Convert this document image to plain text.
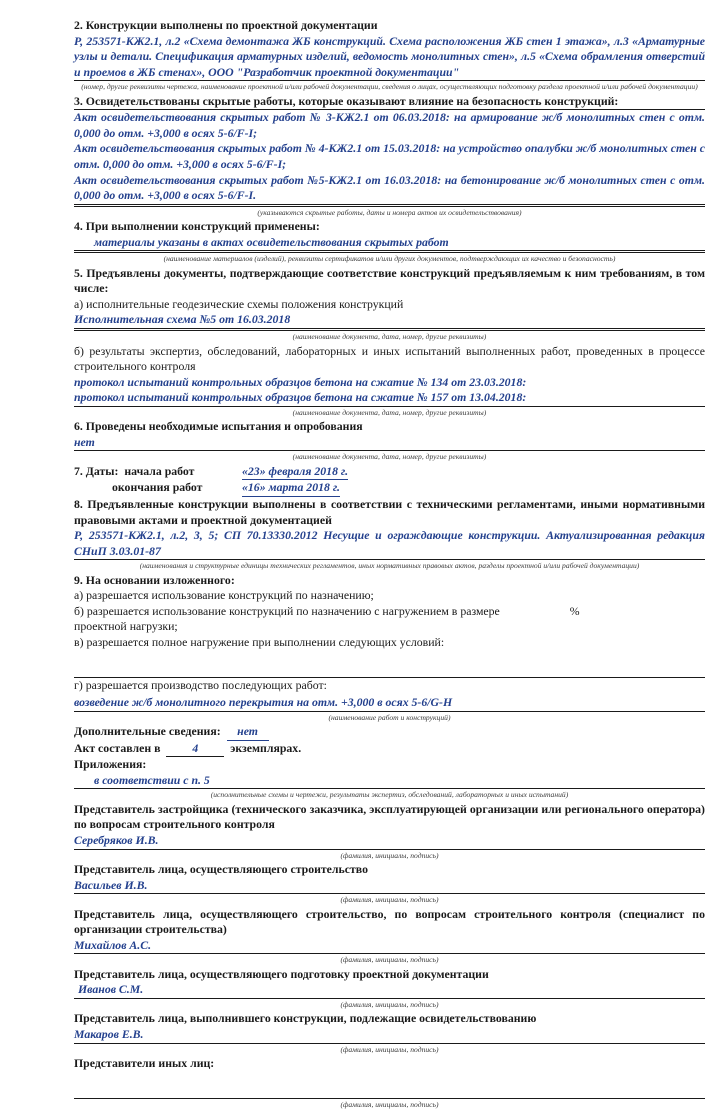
2. Конструкции выполнены по проектной документации

Р, 253571-КЖ2.1, л.2 «Схема демонтажа ЖБ конструкций. Схема расположения ЖБ стен 1 этажа», л.3 «Арматурные узлы и детали. Спецификация арматурных изделий, ведомость монолитных стен», л.5 «Схема обрамления отверстий и проемов в ЖБ стенах», ООО "Разработчик проектной документации"

(номер, другие реквизиты чертежа, наименование проектной и/или рабочей документации, сведения о лицах, осуществляющих подготовку раздела проектной и/или рабочей документации)

3. Освидетельствованы скрытые работы, которые оказывают влияние на безопасность конструкций:

Акт освидетельствования скрытых работ № 3-КЖ2.1 от 06.03.2018: на армирование ж/б монолитных стен с отм. 0,000 до отм. +3,000 в осях 5-6/F-I;

Акт освидетельствования скрытых работ № 4-КЖ2.1 от 15.03.2018: на устройство опалубки ж/б монолитных стен с отм. 0,000 до отм. +3,000 в осях 5-6/F-I;

Акт освидетельствования скрытых работ №5-КЖ2.1 от 16.03.2018: на бетонирование ж/б монолитных стен с отм. 0,000 до отм. +3,000 в осях 5-6/F-I.

(указываются скрытые работы, даты и номера актов их освидетельствования)

4. При выполнении конструкций применены:

материалы указаны в актах освидетельствования скрытых работ

(наименование материалов (изделий), реквизиты сертификатов и/или других документов, подтверждающих их качество и безопасность)

5. Предъявлены документы, подтверждающие соответствие конструкций предъявляемым к ним требованиям, в том числе:

а) исполнительные геодезические схемы положения конструкций

Исполнительная схема №5 от 16.03.2018

(наименование документа, дата, номер, другие реквизиты)

б) результаты экспертиз, обследований, лабораторных и иных испытаний выполненных работ, проведенных в процессе строительного контроля

протокол испытаний контрольных образцов бетона на сжатие № 134 от 23.03.2018:

протокол испытаний контрольных образцов бетона на сжатие № 157 от 13.04.2018:

(наименование документа, дата, номер, другие реквизиты)

6. Проведены необходимые испытания и опробования

нет

(наименование документа, дата, номер, другие реквизиты)

7. Даты: начала работ	«23» февраля 2018 г.

окончания работ	«16» марта 2018 г.

8. Предъявленные конструкции выполнены в соответствии с техническими регламентами, иными нормативными правовыми актами и проектной документацией

Р, 253571-КЖ2.1, л.2, 3, 5; СП 70.13330.2012 Несущие и ограждающие конструкции. Актуализированная редакция СНиП 3.03.01-87

(наименования и структурные единицы технических регламентов, иных нормативных правовых актов, разделы проектной и/или рабочей документации)

9. На основании изложенного:

а) разрешается использование конструкций по назначению;

б) разрешается использование конструкций по назначению с нагружением в размере	%

проектной нагрузки;

в) разрешается полное нагружение при выполнении следующих условий:

г) разрешается производство последующих работ:

возведение ж/б монолитного перекрытия на отм. +3,000 в осях 5-6/G-H

(наименование работ и конструкций)

Дополнительные сведения: нет

Акт составлен в	4	экземплярах.

Приложения:

в соответствии с п. 5

(исполнительные схемы и чертежи, результаты экспертиз, обследований, лабораторных и иных испытаний)

Представитель застройщика (технического заказчика, эксплуатирующей организации или регионального оператора) по вопросам строительного контроля

Серебряков И.В.

(фамилия, инициалы, подпись)

Представитель лица, осуществляющего строительство

Васильев И.В.

(фамилия, инициалы, подпись)

Представитель лица, осуществляющего строительство, по вопросам строительного контроля (специалист по организации строительства)

Михайлов А.С.

(фамилия, инициалы, подпись)

Представитель лица, осуществляющего подготовку проектной документации

Иванов С.М.

(фамилия, инициалы, подпись)

Представитель лица, выполнившего конструкции, подлежащие освидетельствованию

Макаров Е.В.

(фамилия, инициалы, подпись)

Представители иных лиц:

(фамилия, инициалы, подпись)
